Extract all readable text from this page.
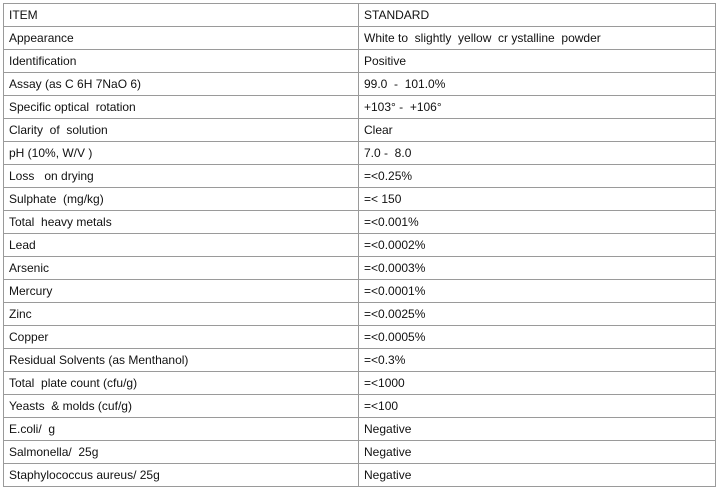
ITEM	STANDARD
Appearance	White to  slightly  yellow  cr ystalline  powder
Identification	Positive
Assay (as C 6H 7NaO 6)	99.0  -  101.0%
Specific optical  rotation	+103° -  +106°
Clarity  of  solution	Clear
pH (10%, W/V )	7.0 -  8.0
Loss   on drying	=<0.25%
Sulphate  (mg/kg)	=< 150
Total  heavy metals	=<0.001%
Lead	=<0.0002%
Arsenic	=<0.0003%
Mercury	=<0.0001%
Zinc	=<0.0025%
Copper	=<0.0005%
Residual Solvents (as Menthanol)	=<0.3%
Total  plate count (cfu/g)	=<1000
Yeasts  & molds (cuf/g)	=<100
E.coli/  g	Negative
Salmonella/  25g	Negative
Staphylococcus aureus/ 25g	Negative
